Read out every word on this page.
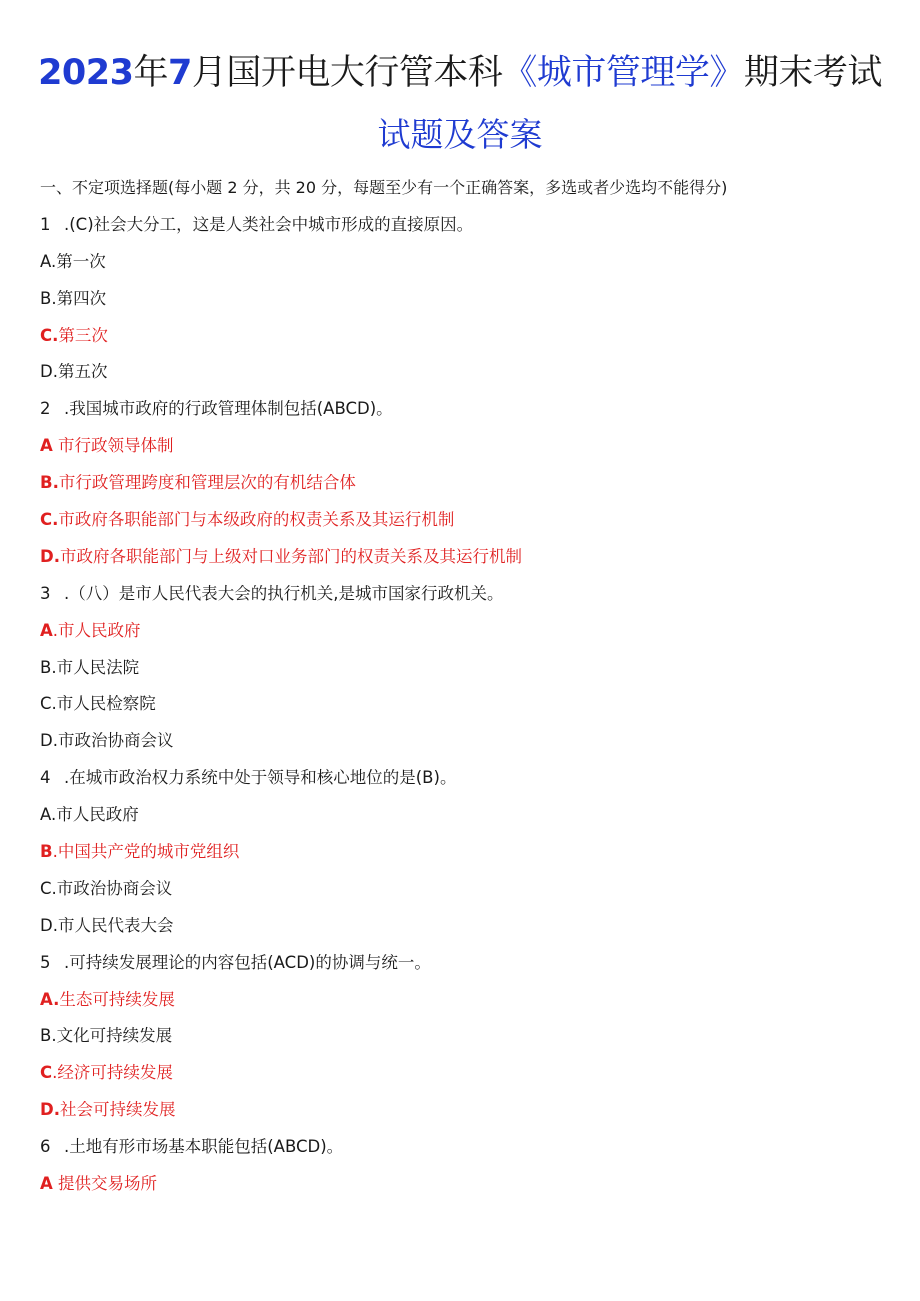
2023年7月国开电大行管本科《城市管理学》期末考试
试题及答案
一、不定项选择题(每小题 2 分，共 20 分，每题至少有一个正确答案，多选或者少选均不能得分)
1 .(C)社会大分工，这是人类社会中城市形成的直接原因。
A.第一次
B.第四次
C.第三次
D.第五次
2 .我国城市政府的行政管理体制包括(ABCD)。
A 市行政领导体制
B.市行政管理跨度和管理层次的有机结合体
C.市政府各职能部门与本级政府的权责关系及其运行机制
D.市政府各职能部门与上级对口业务部门的权责关系及其运行机制
3 .（八）是市人民代表大会的执行机关,是城市国家行政机关。
A.市人民政府
B.市人民法院
C.市人民检察院
D.市政治协商会议
4 .在城市政治权力系统中处于领导和核心地位的是(B)。
A.市人民政府
B.中国共产党的城市党组织
C.市政治协商会议
D.市人民代表大会
5 .可持续发展理论的内容包括(ACD)的协调与统一。
A.生态可持续发展
B.文化可持续发展
C.经济可持续发展
D.社会可持续发展
6 .土地有形市场基本职能包括(ABCD)。
A 提供交易场所
